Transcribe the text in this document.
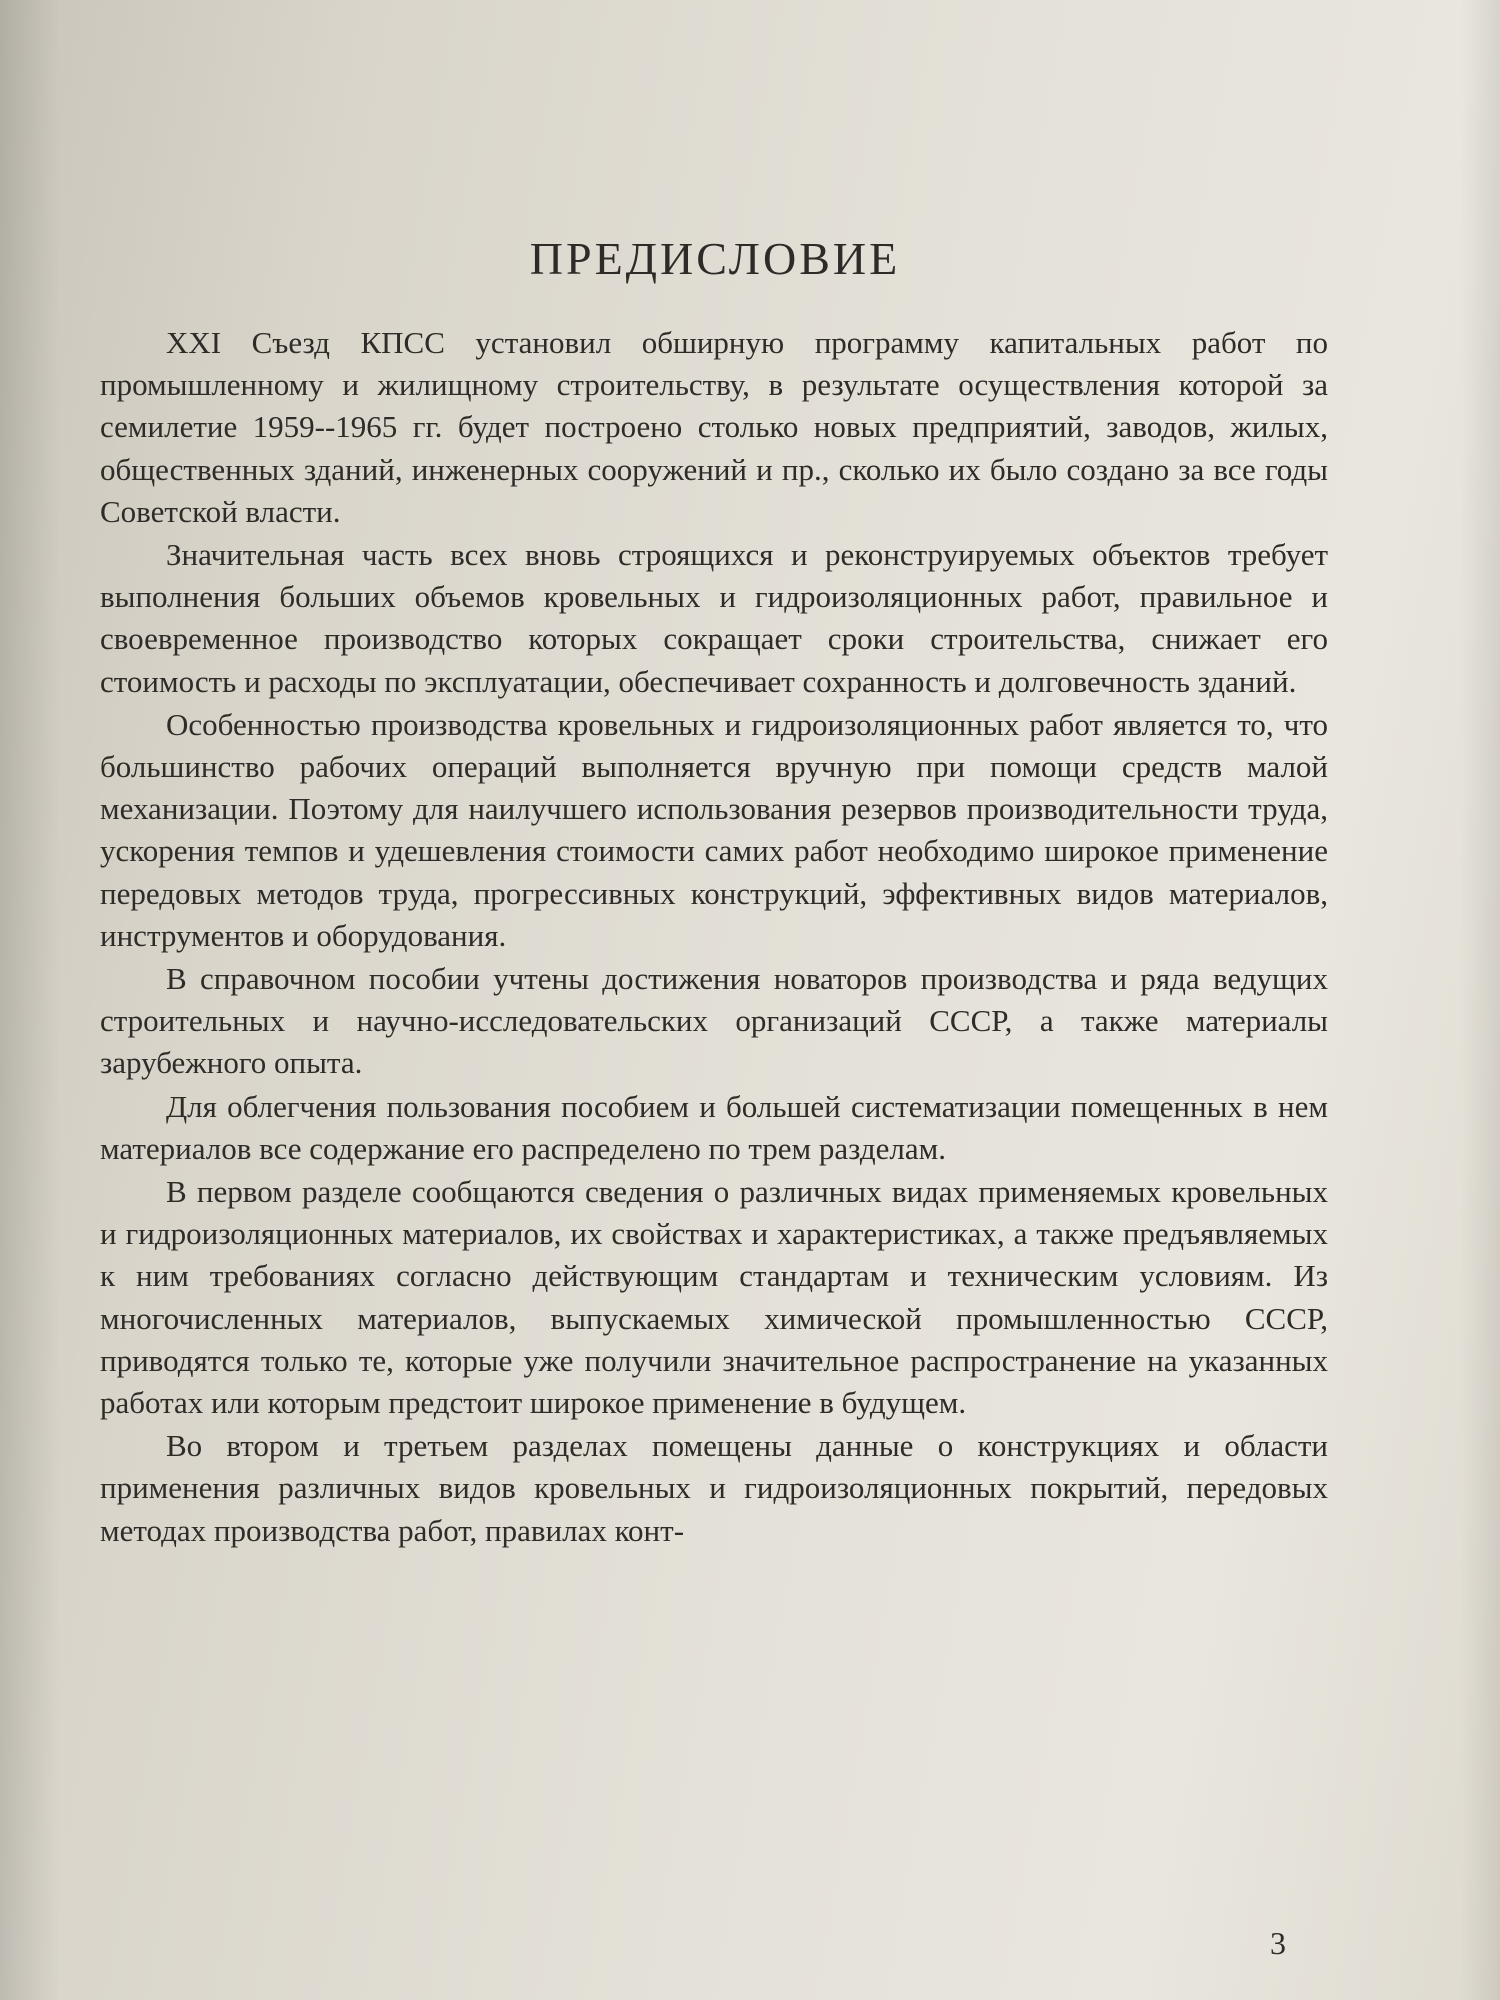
ПРЕДИСЛОВИЕ

XXI Съезд КПСС установил обширную программу капитальных работ по промышленному и жилищному строительству, в результате осуществления которой за семилетие 1959--1965 гг. будет построено столько новых предприятий, заводов, жилых, общественных зданий, инженерных сооружений и пр., сколько их было создано за все годы Советской власти.

Значительная часть всех вновь строящихся и реконструируемых объектов требует выполнения больших объемов кровельных и гидроизоляционных работ, правильное и своевременное производство которых сокращает сроки строительства, снижает его стоимость и расходы по эксплуатации, обеспечивает сохранность и долговечность зданий.

Особенностью производства кровельных и гидроизоляционных работ является то, что большинство рабочих операций выполняется вручную при помощи средств малой механизации. Поэтому для наилучшего использования резервов производительности труда, ускорения темпов и удешевления стоимости самих работ необходимо широкое применение передовых методов труда, прогрессивных конструкций, эффективных видов материалов, инструментов и оборудования.

В справочном пособии учтены достижения новаторов производства и ряда ведущих строительных и научно-исследовательских организаций СССР, а также материалы зарубежного опыта.

Для облегчения пользования пособием и большей систематизации помещенных в нем материалов все содержание его распределено по трем разделам.

В первом разделе сообщаются сведения о различных видах применяемых кровельных и гидроизоляционных материалов, их свойствах и характеристиках, а также предъявляемых к ним требованиях согласно действующим стандартам и техническим условиям. Из многочисленных материалов, выпускаемых химической промышленностью СССР, приводятся только те, которые уже получили значительное распространение на указанных работах или которым предстоит широкое применение в будущем.

Во втором и третьем разделах помещены данные о конструкциях и области применения различных видов кровельных и гидроизоляционных покрытий, передовых методах производства работ, правилах конт-

3
